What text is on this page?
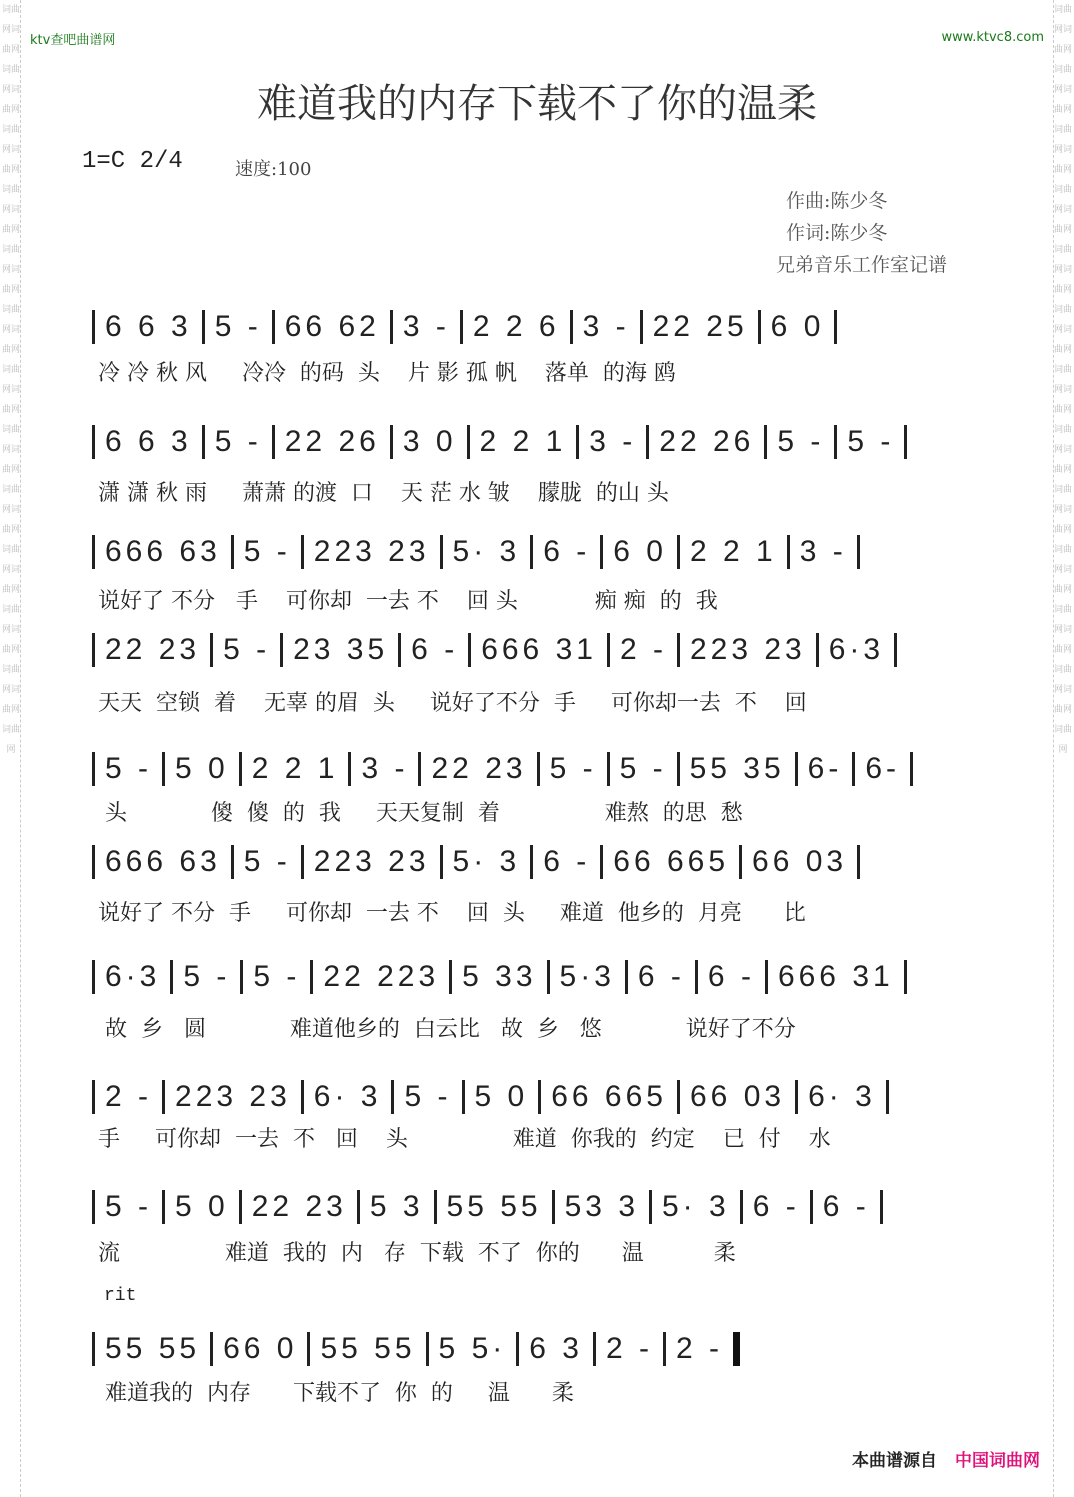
词曲网词曲网词曲网词曲网词曲网词曲网词曲网词曲网词曲网词曲网词曲网词曲网词曲网词曲网词曲网词曲网词曲网词曲网词曲网词曲网词曲网词曲网词曲网词曲网词曲网
词曲网词曲网词曲网词曲网词曲网词曲网词曲网词曲网词曲网词曲网词曲网词曲网词曲网词曲网词曲网词曲网词曲网词曲网词曲网词曲网词曲网词曲网词曲网词曲网词曲网
ktv查吧曲谱网	www.ktvc8.com
难道我的内存下载不了你的温柔
1=C 2/4	速度:100
作曲:陈少冬
作词:陈少冬
兄弟音乐工作室记谱
rit
6 6 3 5 - 66 62 3 - 2 2 6 3 - 22 25 6 0
冷 冷 秋 风     冷冷  的码  头    片 影 孤 帆    落单  的海 鸥
6 6 3 5 - 22 26 3 0 2 2 1 3 - 22 26 5 - 5 -
潇 潇 秋 雨     萧萧 的渡  口    天 茫 水 皱    朦胧  的山 头
666 63 5 - 223 23 5· 3 6 - 6 0 2 2 1 3 -
说好了 不分   手    可你却  一去 不    回 头           痴 痴  的  我
22 23 5 - 23 35 6 - 666 31 2 - 223 23 6·3
天天  空锁  着    无辜 的眉  头     说好了不分  手     可你却一去  不    回
5 - 5 0 2 2 1 3 - 22 23 5 - 5 - 55 35 6- 6-
头            傻  傻  的  我     天天复制  着               难熬  的思  愁
666 63 5 - 223 23 5· 3 6 - 66 665 66 03
说好了 不分  手     可你却  一去 不    回  头     难道  他乡的  月亮      比
6·3 5 - 5 - 22 223 5 33 5·3 6 - 6 - 666 31
故  乡   圆            难道他乡的  白云比   故  乡   悠            说好了不分
2 - 223 23 6· 3 5 - 5 0 66 665 66 03 6· 3
手     可你却  一去  不   回    头               难道  你我的  约定    已  付    水
5 - 5 0 22 23 5 3 55 55 53 3 5· 3 6 - 6 -
流               难道  我的  内   存  下载  不了  你的      温          柔
55 55 66 0 55 55 5 5· 6 3 2 - 2 -
难道我的  内存      下载不了  你  的     温      柔
本曲谱源自 中国词曲网
